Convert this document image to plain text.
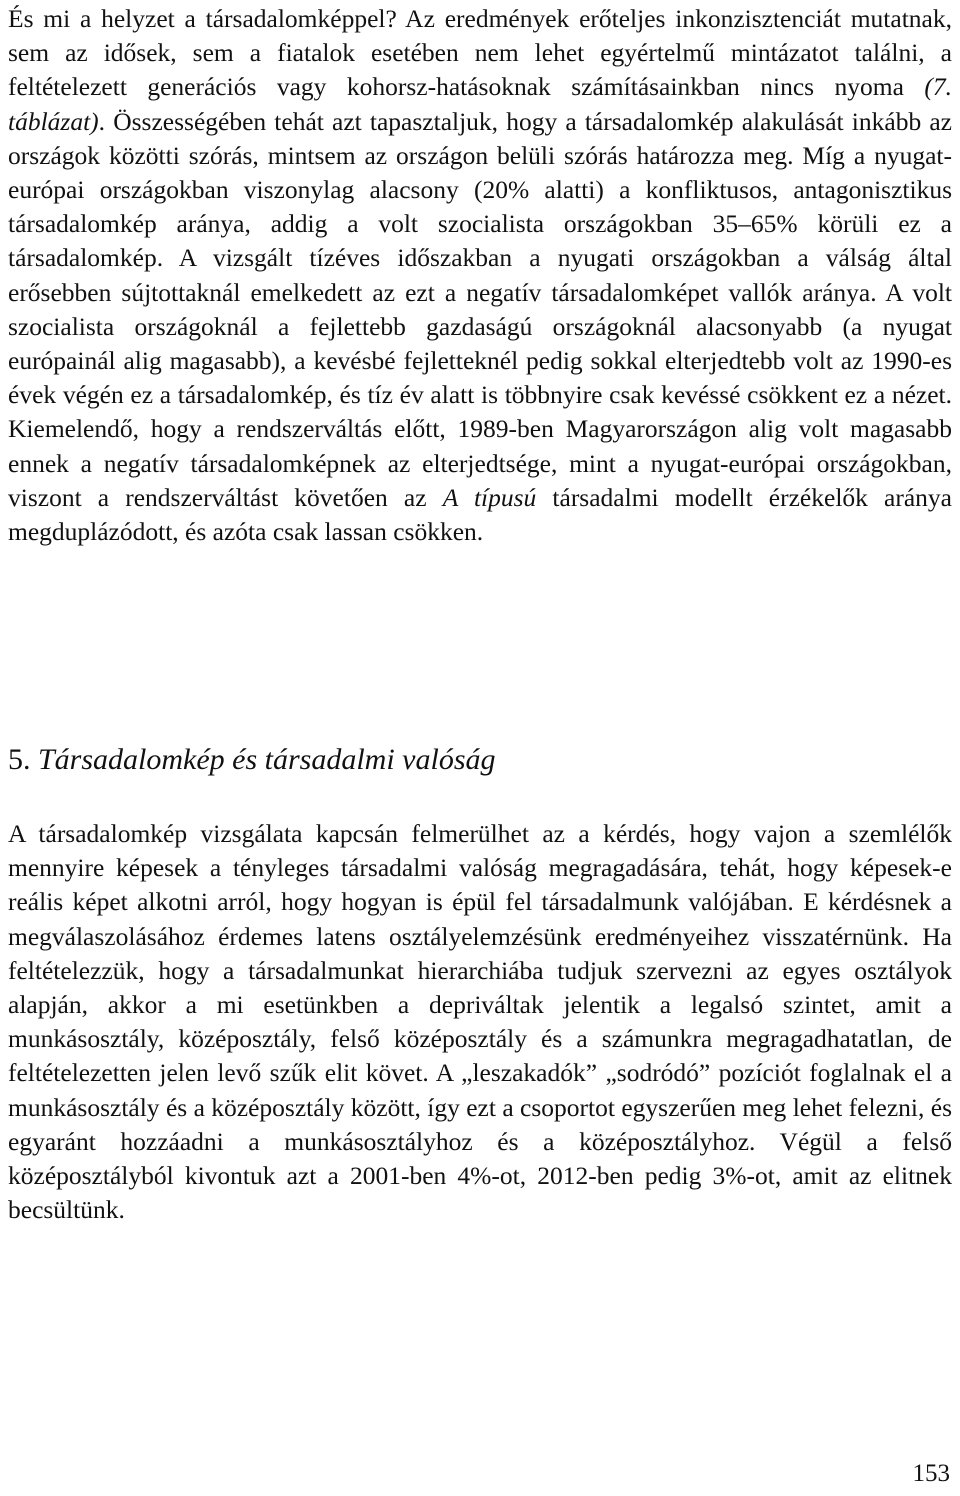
És mi a helyzet a társadalomképpel? Az eredmények erőteljes inkonzisztenciát mutatnak, sem az idősek, sem a fiatalok esetében nem lehet egyértelmű mintázatot találni, a feltételezett generációs vagy kohorsz-hatásoknak számításainkban nincs nyoma (7. táblázat). Összességében tehát azt tapasztaljuk, hogy a társadalomkép alakulását inkább az országok közötti szórás, mintsem az országon belüli szórás határozza meg. Míg a nyugat-európai országokban viszonylag alacsony (20% alatti) a konfliktusos, antagonisztikus társadalomkép aránya, addig a volt szocialista országokban 35–65% körüli ez a társadalomkép. A vizsgált tízéves időszakban a nyugati országokban a válság által erősebben sújtottaknál emelkedett az ezt a negatív társadalomképet vallók aránya. A volt szocialista országoknál a fejlettebb gazdaságú országoknál alacsonyabb (a nyugat európainál alig magasabb), a kevésbé fejletteknél pedig sokkal elterjedtebb volt az 1990-es évek végén ez a társadalomkép, és tíz év alatt is többnyire csak kevéssé csökkent ez a nézet. Kiemelendő, hogy a rendszerváltás előtt, 1989-ben Magyarországon alig volt magasabb ennek a negatív társadalomképnek az elterjedtsége, mint a nyugat-európai országokban, viszont a rendszerváltást követően az A típusú társadalmi modellt érzékelők aránya megduplázódott, és azóta csak lassan csökken.

5. Társadalomkép és társadalmi valóság

A társadalomkép vizsgálata kapcsán felmerülhet az a kérdés, hogy vajon a szemlélők mennyire képesek a tényleges társadalmi valóság megragadására, tehát, hogy képesek-e reális képet alkotni arról, hogy hogyan is épül fel társadalmunk valójában. E kérdésnek a megválaszolásához érdemes latens osztályelemzésünk eredményeihez visszatérnünk. Ha feltételezzük, hogy a társadalmunkat hierarchiába tudjuk szervezni az egyes osztályok alapján, akkor a mi esetünkben a depriváltak jelentik a legalsó szintet, amit a munkásosztály, középosztály, felső középosztály és a számunkra megragadhatatlan, de feltételezetten jelen levő szűk elit követ. A „leszakadók” „sodródó” pozíciót foglalnak el a munkásosztály és a középosztály között, így ezt a csoportot egyszerűen meg lehet felezni, és egyaránt hozzáadni a munkásosztályhoz és a középosztályhoz. Végül a felső középosztályból kivontuk azt a 2001-ben 4%-ot, 2012-ben pedig 3%-ot, amit az elitnek becsültünk.

153
